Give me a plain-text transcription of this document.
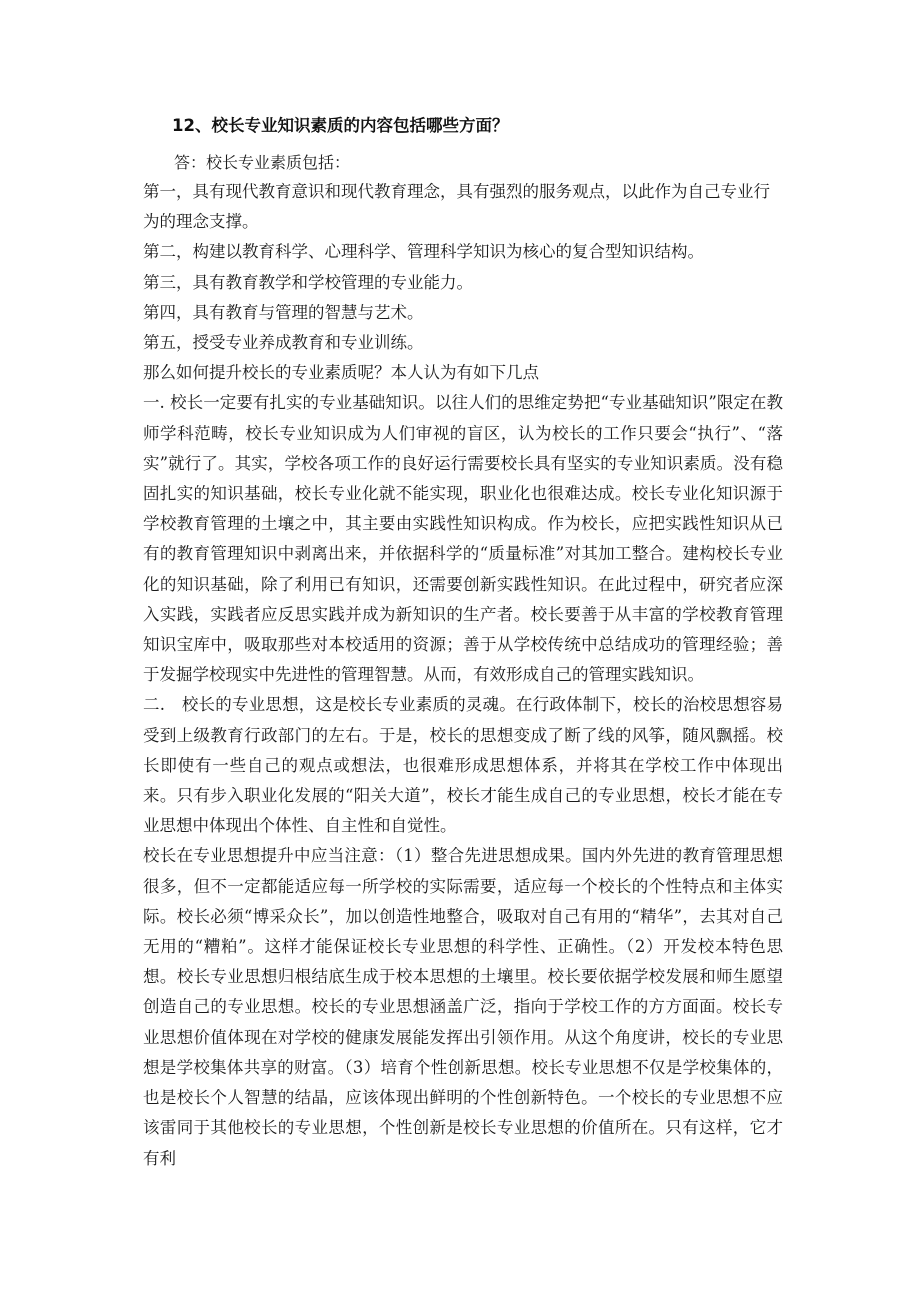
12、校长专业知识素质的内容包括哪些方面？

答：校长专业素质包括：

第一，具有现代教育意识和现代教育理念，具有强烈的服务观点，以此作为自己专业行为的理念支撑。

第二，构建以教育科学、心理科学、管理科学知识为核心的复合型知识结构。

第三，具有教育教学和学校管理的专业能力。

第四，具有教育与管理的智慧与艺术。

第五，授受专业养成教育和专业训练。

那么如何提升校长的专业素质呢？本人认为有如下几点

一. 校长一定要有扎实的专业基础知识。以往人们的思维定势把“专业基础知识”限定在教师学科范畴，校长专业知识成为人们审视的盲区，认为校长的工作只要会“执行”、“落实”就行了。其实，学校各项工作的良好运行需要校长具有坚实的专业知识素质。没有稳固扎实的知识基础，校长专业化就不能实现，职业化也很难达成。校长专业化知识源于学校教育管理的土壤之中，其主要由实践性知识构成。作为校长，应把实践性知识从已有的教育管理知识中剥离出来，并依据科学的“质量标准”对其加工整合。建构校长专业化的知识基础，除了利用已有知识，还需要创新实践性知识。在此过程中，研究者应深入实践，实践者应反思实践并成为新知识的生产者。校长要善于从丰富的学校教育管理知识宝库中，吸取那些对本校适用的资源；善于从学校传统中总结成功的管理经验；善于发掘学校现实中先进性的管理智慧。从而，有效形成自己的管理实践知识。

二.　校长的专业思想，这是校长专业素质的灵魂。在行政体制下，校长的治校思想容易受到上级教育行政部门的左右。于是，校长的思想变成了断了线的风筝，随风飘摇。校长即使有一些自己的观点或想法，也很难形成思想体系，并将其在学校工作中体现出来。只有步入职业化发展的“阳关大道”，校长才能生成自己的专业思想，校长才能在专业思想中体现出个体性、自主性和自觉性。

校长在专业思想提升中应当注意：（1）整合先进思想成果。国内外先进的教育管理思想很多，但不一定都能适应每一所学校的实际需要，适应每一个校长的个性特点和主体实际。校长必须“博采众长”，加以创造性地整合，吸取对自己有用的“精华”，去其对自己无用的“糟粕”。这样才能保证校长专业思想的科学性、正确性。（2）开发校本特色思想。校长专业思想归根结底生成于校本思想的土壤里。校长要依据学校发展和师生愿望创造自己的专业思想。校长的专业思想涵盖广泛，指向于学校工作的方方面面。校长专业思想价值体现在对学校的健康发展能发挥出引领作用。从这个角度讲，校长的专业思想是学校集体共享的财富。（3）培育个性创新思想。校长专业思想不仅是学校集体的，也是校长个人智慧的结晶，应该体现出鲜明的个性创新特色。一个校长的专业思想不应该雷同于其他校长的专业思想，个性创新是校长专业思想的价值所在。只有这样，它才有利
